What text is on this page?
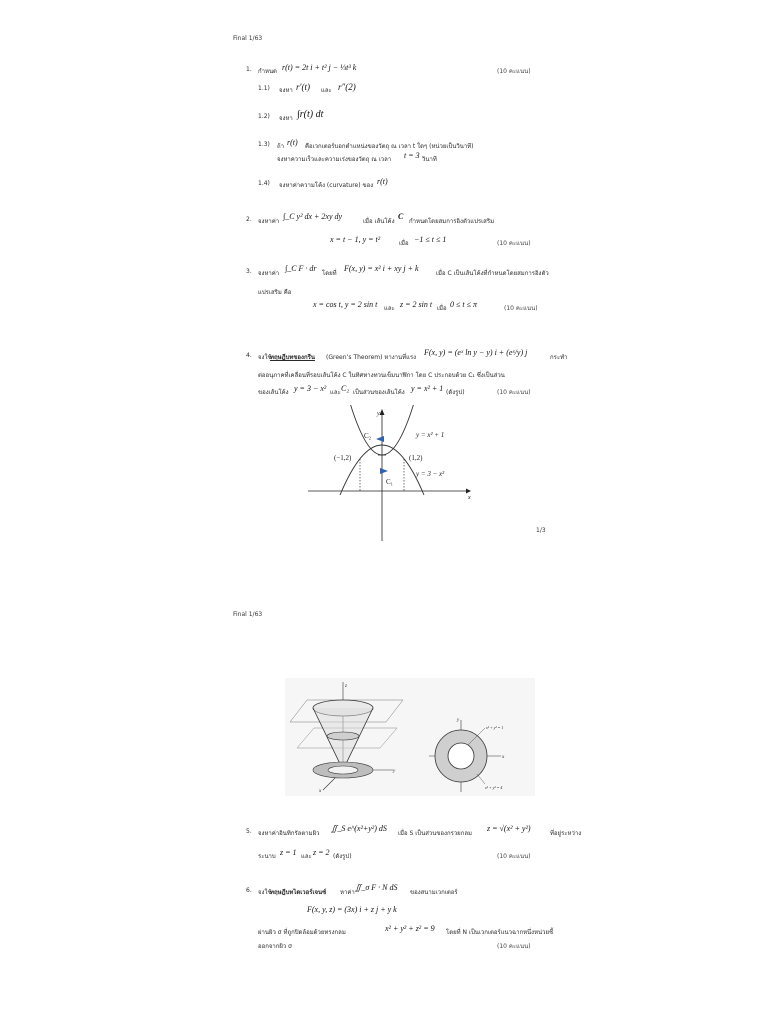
Final 1/63
1. กำหนด r(t) = 2t i + t² j − ⅓t³ k	(10 คะแนน)
1.1) จงหา r′(t) และ r″(2)
1.2) จงหา ∫r(t) dt
1.3) ถ้า r(t) คือเวกเตอร์บอกตำแหน่งของวัตถุ ณ เวลา t ใดๆ (หน่วยเป็นวินาที)
จงหาความเร็วและความเร่งของวัตถุ ณ เวลา t = 3 วินาที
1.4) จงหาค่าความโค้ง (curvature) ของ r(t)
2. จงหาค่า
∫_C y² dx + 2xy dy
เมื่อ เส้นโค้ง
C
กำหนดโดยสมการอิงตัวแปรเสริม
x = t − 1, y = t²	เมื่อ −1 ≤ t ≤ 1	(10 คะแนน)
3. จงหาค่า
∫_C F · dr
โดยที่
F(x, y) = x² i + xy j + k
เมื่อ C เป็นเส้นโค้งที่กำหนดโดยสมการอิงตัว
แปรเสริม คือ
x = cos t, y = 2 sin t และ z = 2 sin t เมื่อ 0 ≤ t ≤ π	(10 คะแนน)
4. จงใช้
ทฤษฎีบทของกรีน (Green’s Theorem) หางานที่แรง
F(x, y) = (eˣ ln y − y) i + (eˣ/y) j
กระทำ
ต่ออนุภาคที่เคลื่อนที่รอบเส้นโค้ง C ในทิศทางทวนเข็มนาฬิกา โดย C ประกอบด้วย C₁ ซึ่งเป็นส่วน
ของเส้นโค้ง y = 3 − x² และ C₂ เป็นส่วนของเส้นโค้ง y = x² + 1 (ดังรูป)	(10 คะแนน)
C₂
C₁
(−1,2)	(1,2)
y = x² + 1
y = 3 − x²
x
y
1/3
Final 1/63
z
x
y
y
x
x² + y² = 1
x² + y² = 4
5. จงหาค่าอินทิกรัลตามผิว
∬_S e^(x²+y²) dS
เมื่อ S เป็นส่วนของกรวยกลม
z = √(x² + y²)
ที่อยู่ระหว่าง
ระนาบ z = 1 และ z = 2 (ดังรูป)	(10 คะแนน)
6. จงใช้
ทฤษฎีบทไดเวอร์เจนซ์ หาค่า
∬_σ F · N dS
ของสนามเวกเตอร์
F(x, y, z) = (3x) i + z j + y k
ผ่านผิว σ ที่ถูกปิดล้อมด้วยทรงกลม	x² + y² + z² = 9 โดยที่ N เป็นเวกเตอร์แนวฉากหนึ่งหน่วยชี้
ออกจากผิว σ	(10 คะแนน)
